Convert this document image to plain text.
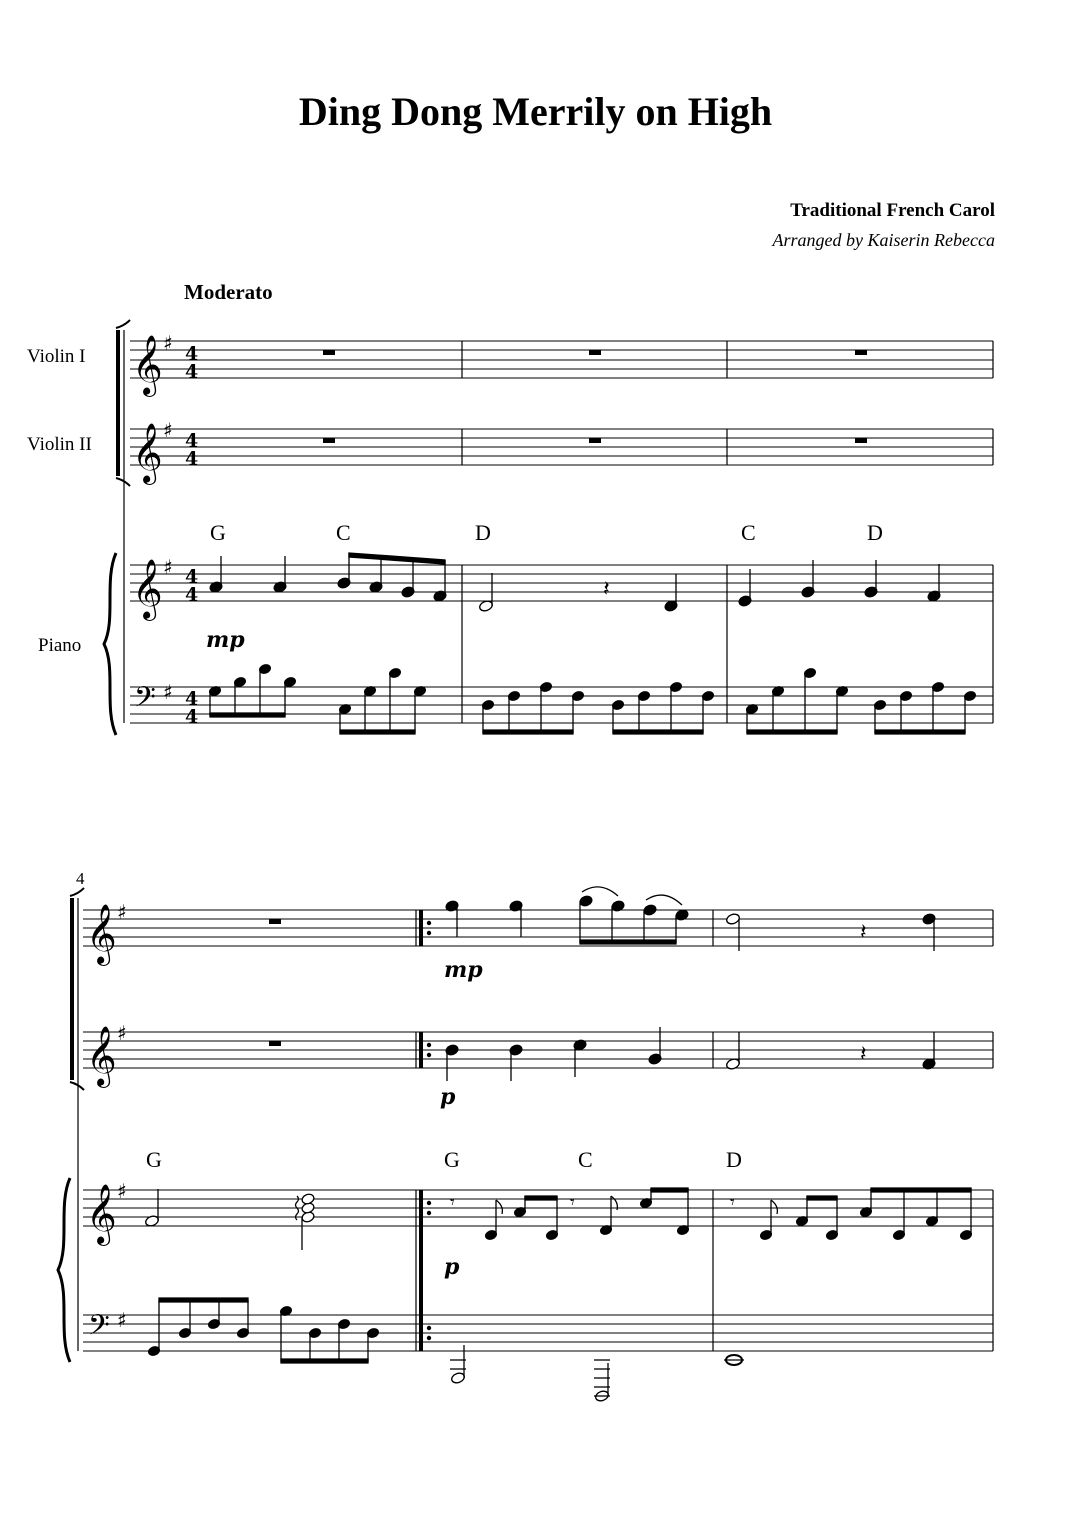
Ding Dong Merrily on High
Traditional French Carol
Arranged by Kaiserin Rebecca
Moderato
Violin I
Violin II
Piano
𝄞
𝄞
𝄞
𝄢
♯
♯
♯
♯
4
4
4
4
4
4
4
4
G	C	D	C	D
𝄽
mp
4
𝄞
𝄞
𝄞
𝄢
♯
♯
♯
♯
𝄽
mp
𝄽
p
G	G	C	D
𝄾	𝄾	𝄾
p
